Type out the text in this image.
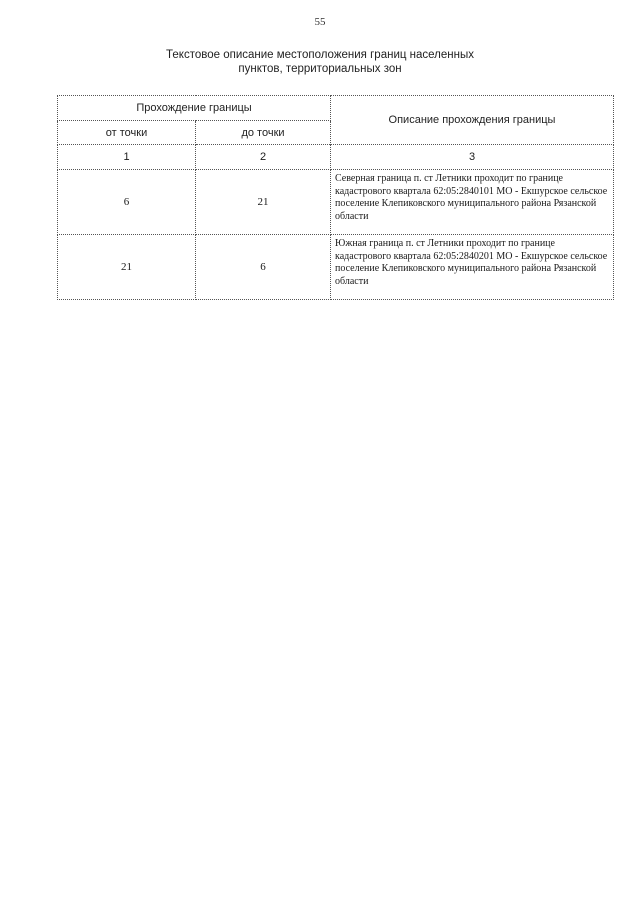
55
Текстовое описание местоположения границ населенных
пунктов, территориальных зон
Прохождение границы		Описание прохождения границы
от точки	до точки	
1	2	3
6	21	Северная граница п. ст Летники проходит по границе кадастрового квартала 62:05:2840101 МО - Екшурское сельское поселение Клепиковского муниципального района Рязанской области
21	6	Южная граница п. ст Летники проходит по границе кадастрового квартала 62:05:2840201 МО - Екшурское сельское поселение Клепиковского муниципального района Рязанской области
